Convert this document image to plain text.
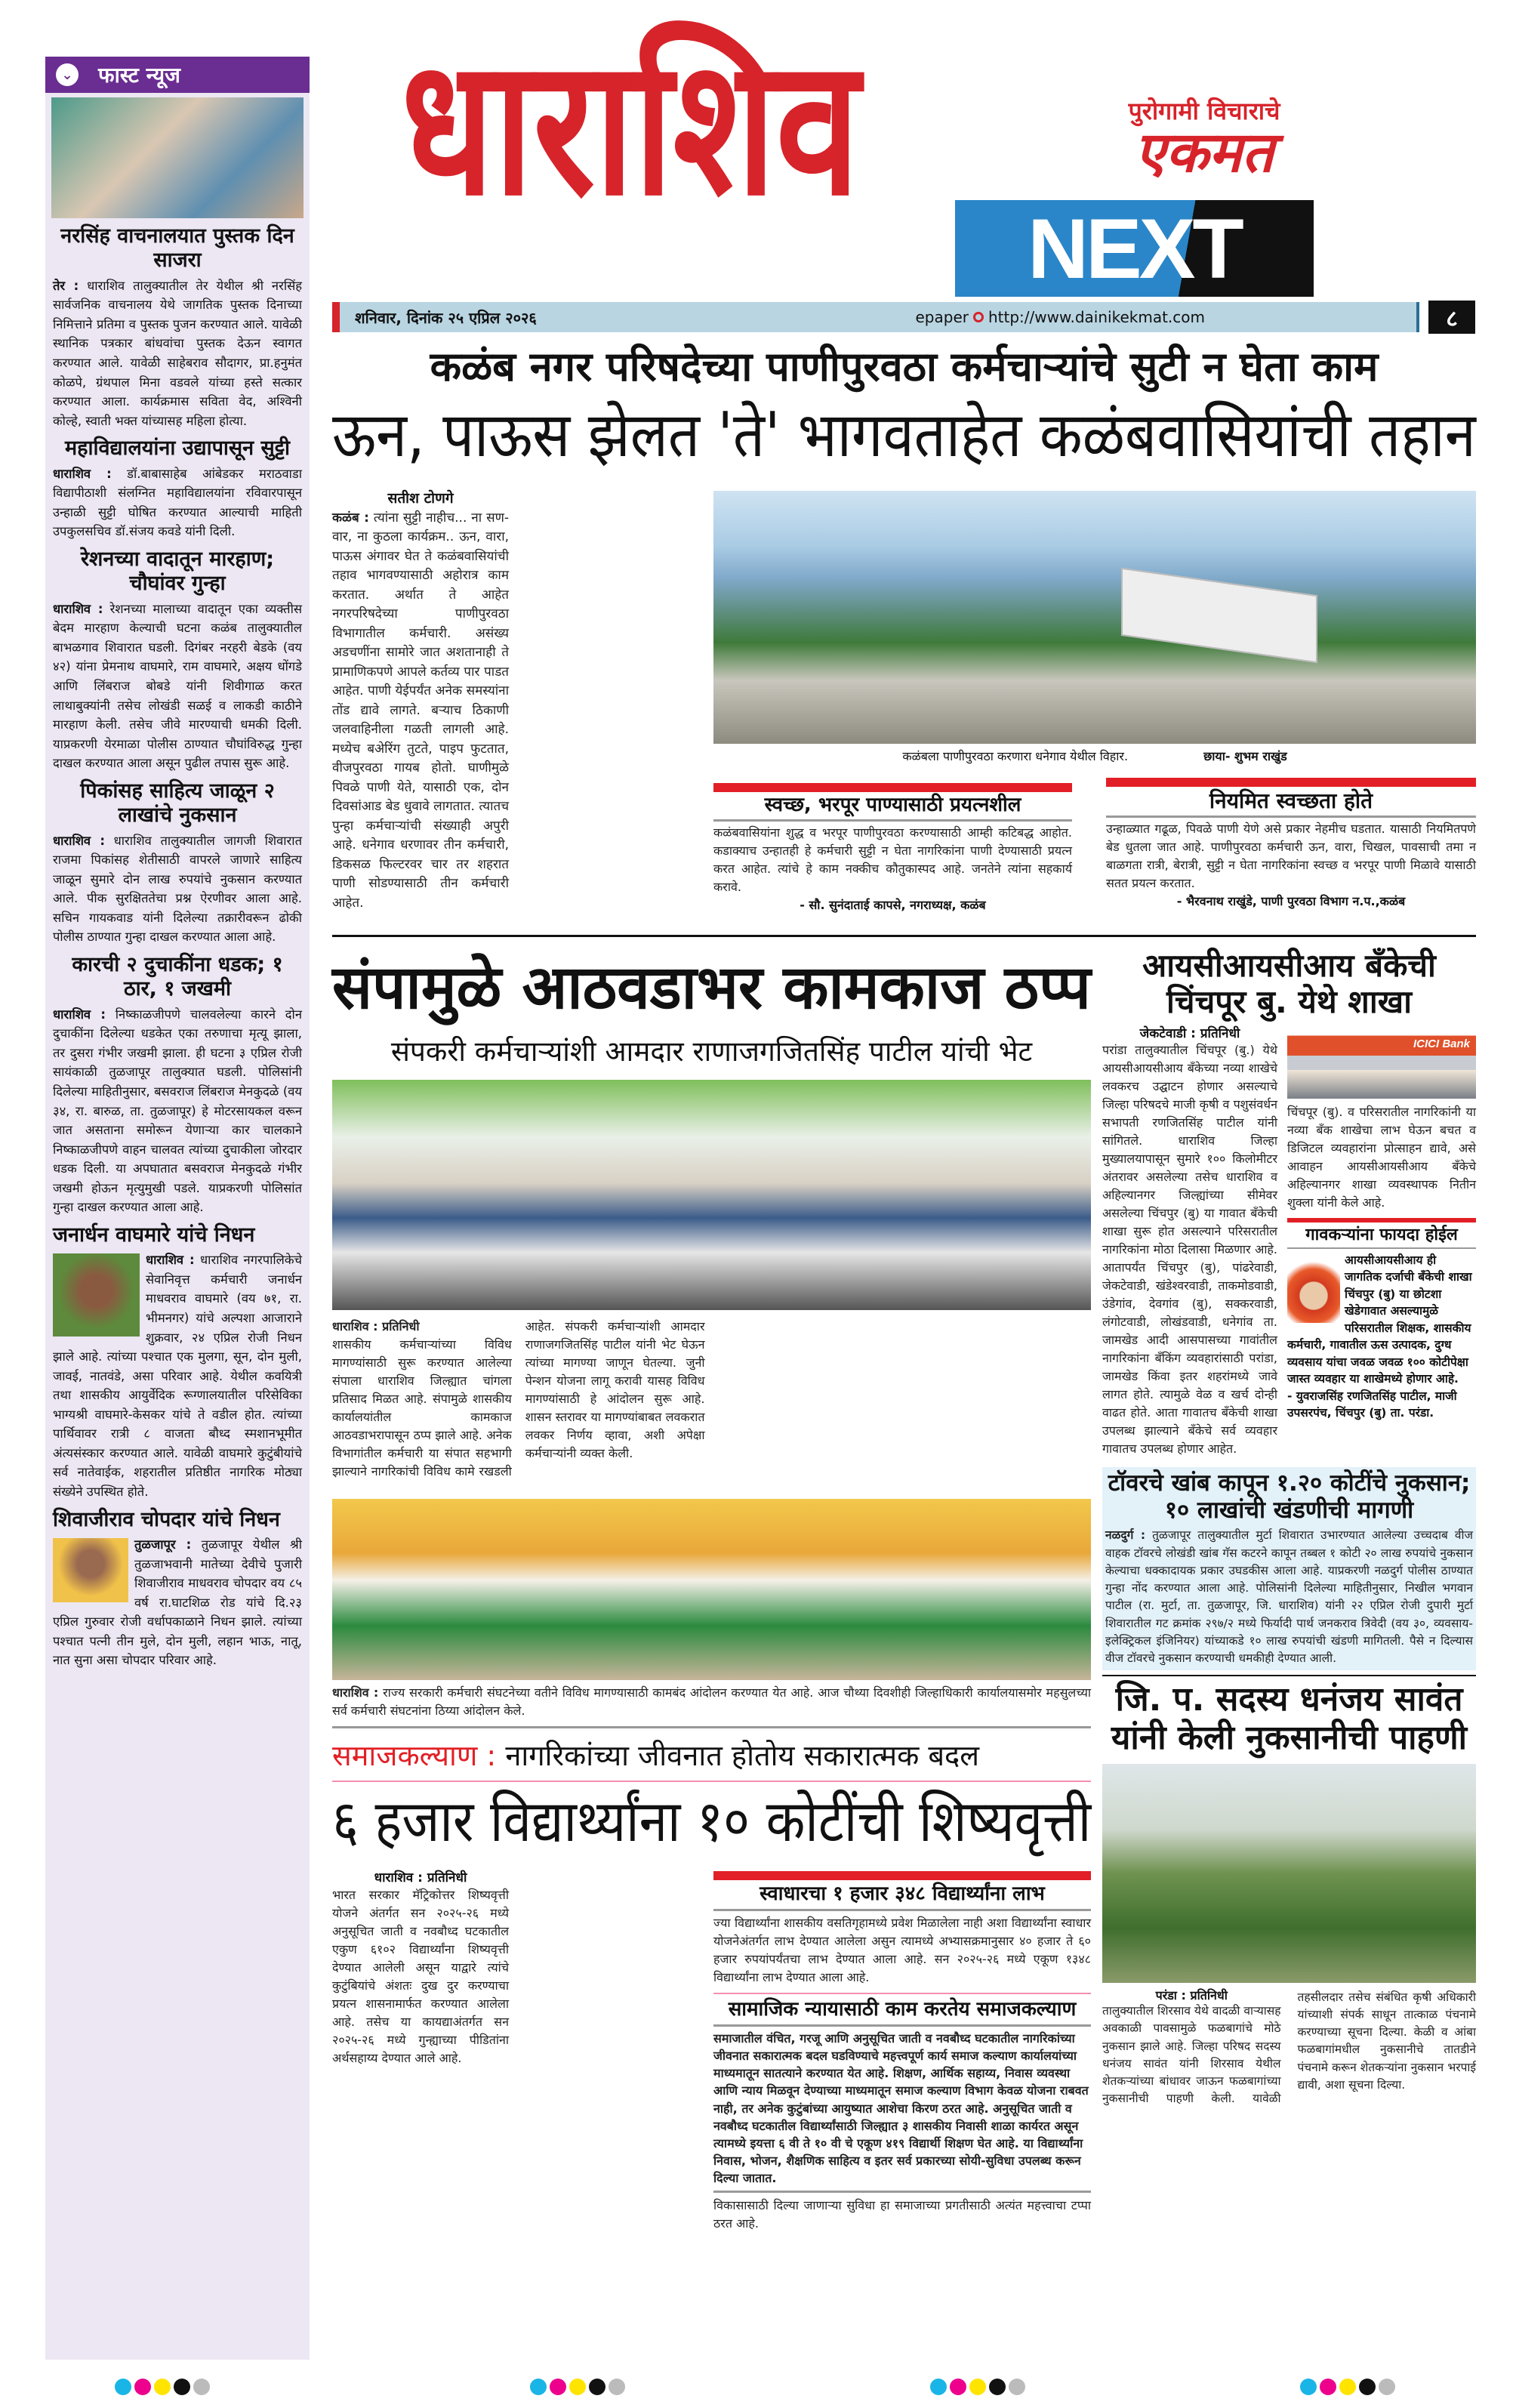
⌄ फास्ट न्यूज
नरसिंह वाचनालयात पुस्तक दिन साजरा

तेर : धाराशिव तालुक्यातील तेर येथील श्री नरसिंह सार्वजनिक वाचनालय येथे जागतिक पुस्तक दिनाच्या निमित्ताने प्रतिमा व पुस्तक पुजन करण्यात आले. यावेळी स्थानिक पत्रकार बांधवांचा पुस्तक देऊन स्वागत करण्यात आले. यावेळी साहेबराव सौदागर, प्रा.हनुमंत कोळपे, ग्रंथपाल मिना वडवले यांच्या हस्ते सत्कार करण्यात आला. कार्यक्रमास सविता वेद, अश्विनी कोल्हे, स्वाती भक्त यांच्यासह महिला होत्या.

महाविद्यालयांना उद्यापासून सुट्टी

धाराशिव : डॉ.बाबासाहेब आंबेडकर मराठवाडा विद्यापीठाशी संलग्नित महाविद्यालयांना रविवारपासून उन्हाळी सुट्टी घोषित करण्यात आल्याची माहिती उपकुलसचिव डॉ.संजय कवडे यांनी दिली.

रेशनच्या वादातून मारहाण; चौघांवर गुन्हा

धाराशिव : रेशनच्या मालाच्या वादातून एका व्यक्तीस बेदम मारहाण केल्याची घटना कळंब तालुक्यातील बाभळगाव शिवारात घडली. दिगंबर नरहरी बेडके (वय ४२) यांना प्रेमनाथ वाघमारे, राम वाघमारे, अक्षय धोंगडे आणि लिंबराज बोबडे यांनी शिवीगाळ करत लाथाबुक्यांनी तसेच लोखंडी सळई व लाकडी काठीने मारहाण केली. तसेच जीवे मारण्याची धमकी दिली. याप्रकरणी येरमाळा पोलीस ठाण्यात चौघांविरुद्ध गुन्हा दाखल करण्यात आला असून पुढील तपास सुरू आहे.

पिकांसह साहित्य जाळून २ लाखांचे नुकसान

धाराशिव : धाराशिव तालुक्यातील जागजी शिवारात राजमा पिकांसह शेतीसाठी वापरले जाणारे साहित्य जाळून सुमारे दोन लाख रुपयांचे नुकसान करण्यात आले. पीक सुरक्षिततेचा प्रश्न ऐरणीवर आला आहे. सचिन गायकवाड यांनी दिलेल्या तक्रारीवरून ढोकी पोलीस ठाण्यात गुन्हा दाखल करण्यात आला आहे.

कारची २ दुचाकींना धडक; १ ठार, १ जखमी

धाराशिव : निष्काळजीपणे चालवलेल्या कारने दोन दुचाकींना दिलेल्या धडकेत एका तरुणाचा मृत्यू झाला, तर दुसरा गंभीर जखमी झाला. ही घटना ३ एप्रिल रोजी सायंकाळी तुळजापूर तालुक्यात घडली. पोलिसांनी दिलेल्या माहितीनुसार, बसवराज लिंबराज मेनकुदळे (वय ३४, रा. बारुळ, ता. तुळजापूर) हे मोटरसायकल वरून जात असताना समोरून येणाऱ्या कार चालकाने निष्काळजीपणे वाहन चालवत त्यांच्या दुचाकीला जोरदार धडक दिली. या अपघातात बसवराज मेनकुदळे गंभीर जखमी होऊन मृत्युमुखी पडले. याप्रकरणी पोलिसांत गुन्हा दाखल करण्यात आला आहे.

जनार्धन वाघमारे यांचे निधन

धाराशिव : धाराशिव नगरपालिकेचे सेवानिवृत्त कर्मचारी जनार्धन माधवराव वाघमारे (वय ७१, रा. भीमनगर) यांचे अल्पशा आजाराने शुक्रवार, २४ एप्रिल रोजी निधन झाले आहे. त्यांच्या पश्चात एक मुलगा, सून, दोन मुली, जावई, नातवंडे, असा परिवार आहे. येथील कवयित्री तथा शासकीय आयुर्वेदिक रूग्णालयातील परिसेविका भाग्यश्री वाघमारे-केसकर यांचे ते वडील होत. त्यांच्या पार्थिवावर रात्री ८ वाजता बौध्द स्मशानभूमीत अंत्यसंस्कार करण्यात आले. यावेळी वाघमारे कुटुंबीयांचे सर्व नातेवाईक, शहरातील प्रतिष्ठीत नागरिक मोठ्या संख्येने उपस्थित होते.

शिवाजीराव चोपदार यांचे निधन

तुळजापूर : तुळजापूर येथील श्री तुळजाभवानी मातेच्या देवीचे पुजारी शिवाजीराव माधवराव चोपदार वय ८५ वर्ष रा.घाटशिळ रोड यांचे दि.२३ एप्रिल गुरुवार रोजी वर्धापकाळाने निधन झाले. त्यांच्या पश्चात पत्नी तीन मुले, दोन मुली, लहान भाऊ, नातू, नात सुना असा चोपदार परिवार आहे.

धाराशिव	पुरोगामी विचाराचे
एकमत
NEXT
शनिवार, दिनांक २५ एप्रिल २०२६	epaper http://www.dainikekmat.com	८
कळंब नगर परिषदेच्या पाणीपुरवठा कर्मचाऱ्यांचे सुटी न घेता काम
ऊन, पाऊस झेलत 'ते' भागवताहेत कळंबवासियांची तहान
सतीश टोणगे
कळंब : त्यांना सुट्टी नाहीच... ना सण-वार, ना कुठला कार्यक्रम.. ऊन, वारा, पाऊस अंगावर घेत ते कळंबवासियांची तहाव भागवण्यासाठी अहोरात्र काम करतात. अर्थात ते आहेत नगरपरिषदेच्या पाणीपुरवठा विभागातील कर्मचारी. असंख्य अडचणींना सामोरे जात अशतानाही ते प्रामाणिकपणे आपले कर्तव्य पार पाडत आहेत. पाणी येईपर्यंत अनेक समस्यांना तोंड द्यावे लागते. बऱ्याच ठिकाणी जलवाहिनीला गळती लागली आहे. मध्येच बअेरिंग तुटते, पाइप फुटतात, वीजपुरवठा गायब होतो. घाणीमुळे पिवळे पाणी येते, यासाठी एक, दोन दिवसांआड बेड धुवावे लागतात. त्यातच पुन्हा कर्मचाऱ्यांची संख्याही अपुरी आहे. धनेगाव धरणावर तीन कर्मचारी, डिकसळ फिल्टरवर चार तर शहरात पाणी सोडण्यासाठी तीन कर्मचारी आहेत.
कळंबला पाणीपुरवठा करणारा धनेगाव येथील विहार.	छाया- शुभम राखुंड
स्वच्छ, भरपूर पाण्यासाठी प्रयत्नशील
कळंबवासियांना शुद्ध व भरपूर पाणीपुरवठा करण्यासाठी आम्ही कटिबद्ध आहोत. कडाक्याच उन्हातही हे कर्मचारी सुट्टी न घेता नागरिकांना पाणी देण्यासाठी प्रयत्न करत आहेत. त्यांचे हे काम नक्कीच कौतुकास्पद आहे. जनतेने त्यांना सहकार्य करावे.
- सौ. सुनंदाताई कापसे, नगराध्यक्ष, कळंब
नियमित स्वच्छता होते
उन्हाळ्यात गढूळ, पिवळे पाणी येणे असे प्रकार नेहमीच घडतात. यासाठी नियमितपणे बेड धुतला जात आहे. पाणीपुरवठा कर्मचारी ऊन, वारा, चिखल, पावसाची तमा न बाळगता रात्री, बेरात्री, सुट्टी न घेता नागरिकांना स्वच्छ व भरपूर पाणी मिळावे यासाठी सतत प्रयत्न करतात.
- भैरवनाथ राखुंडे, पाणी पुरवठा विभाग न.प.,कळंब
संपामुळे आठवडाभर कामकाज ठप्प
संपकरी कर्मचाऱ्यांशी आमदार राणाजगजितसिंह पाटील यांची भेट
धाराशिव : प्रतिनिधी
शासकीय कर्मचाऱ्यांच्या विविध मागण्यांसाठी सुरू करण्यात आलेल्या संपाला धाराशिव जिल्ह्यात चांगला प्रतिसाद मिळत आहे. संपामुळे शासकीय कार्यालयांतील कामकाज आठवडाभरापासून ठप्प झाले आहे. अनेक विभागांतील कर्मचारी या संपात सहभागी झाल्याने नागरिकांची विविध कामे रखडली आहेत. संपकरी कर्मचाऱ्यांशी आमदार राणाजगजितसिंह पाटील यांनी भेट घेऊन त्यांच्या मागण्या जाणून घेतल्या. जुनी पेन्शन योजना लागू करावी यासह विविध मागण्यांसाठी हे आंदोलन सुरू आहे. शासन स्तरावर या मागण्यांबाबत लवकरात लवकर निर्णय व्हावा, अशी अपेक्षा कर्मचाऱ्यांनी व्यक्त केली.
धाराशिव : राज्य सरकारी कर्मचारी संघटनेच्या वतीने विविध मागण्यासाठी कामबंद आंदोलन करण्यात येत आहे. आज चौथ्या दिवशीही जिल्हाधिकारी कार्यालयासमोर महसुलच्या सर्व कर्मचारी संघटनांना ठिय्या आंदोलन केले.
समाजकल्याण : नागरिकांच्या जीवनात होतोय सकारात्मक बदल
६ हजार विद्यार्थ्यांना १० कोटींची शिष्यवृत्ती
धाराशिव : प्रतिनिधी
भारत सरकार मॅट्रिकोत्तर शिष्यवृत्ती योजने अंतर्गत सन २०२५-२६ मध्ये अनुसूचित जाती व नवबौध्द घटकातील एकुण ६१०२ विद्यार्थ्यांना शिष्यवृत्ती देण्यात आलेली असून याद्वारे त्यांचे कुटुंबियांचे अंशतः दुख दुर करण्याचा प्रयत्न शासनामार्फत करण्यात आलेला आहे. तसेच या कायद्याअंतर्गत सन २०२५-२६ मध्ये गुन्ह्याच्या पीडितांना अर्थसहाय्य देण्यात आले आहे.
स्वाधारचा १ हजार ३४८ विद्यार्थ्यांना लाभ
ज्या विद्यार्थ्यांना शासकीय वसतिगृहामध्ये प्रवेश मिळालेला नाही अशा विद्यार्थ्यांना स्वाधार योजनेअंतर्गत लाभ देण्यात आलेला असुन त्यामध्ये अभ्यासक्रमानुसार ४० हजार ते ६० हजार रुपयांपर्यंतचा लाभ देण्यात आला आहे. सन २०२५-२६ मध्ये एकूण १३४८ विद्यार्थ्यांना लाभ देण्यात आला आहे.
सामाजिक न्यायासाठी काम करतेय समाजकल्याण
समाजातील वंचित, गरजू आणि अनुसूचित जाती व नवबौध्द घटकातील नागरिकांच्या जीवनात सकारात्मक बदल घडविण्याचे महत्त्वपूर्ण कार्य समाज कल्याण कार्यालयांच्या माध्यमातून सातत्याने करण्यात येत आहे. शिक्षण, आर्थिक सहाय्य, निवास व्यवस्था आणि न्याय मिळवून देण्याच्या माध्यमातून समाज कल्याण विभाग केवळ योजना राबवत नाही, तर अनेक कुटुंबांच्या आयुष्यात आशेचा किरण ठरत आहे. अनुसूचित जाती व नवबौध्द घटकातील विद्यार्थ्यांसाठी जिल्ह्यात ३ शासकीय निवासी शाळा कार्यरत असून त्यामध्ये इयत्ता ६ वी ते १० वी चे एकूण ४१९ विद्यार्थी शिक्षण घेत आहे. या विद्यार्थ्यांना निवास, भोजन, शैक्षणिक साहित्य व इतर सर्व प्रकारच्या सोयी-सुविधा उपलब्ध करून दिल्या जातात.
विकासासाठी दिल्या जाणाऱ्या सुविधा हा समाजाच्या प्रगतीसाठी अत्यंत महत्त्वाचा टप्पा ठरत आहे.
आयसीआयसीआय बँकेची चिंचपूर बु. येथे शाखा
जेकटेवाडी : प्रतिनिधी
परांडा तालुक्यातील चिंचपूर (बु.) येथे आयसीआयसीआय बँकेच्या नव्या शाखेचे लवकरच उद्घाटन होणार असल्याचे जिल्हा परिषदचे माजी कृषी व पशुसंवर्धन सभापती रणजितसिंह पाटील यांनी सांगितले. धाराशिव जिल्हा मुख्यालयापासून सुमारे १०० किलोमीटर अंतरावर असलेल्या तसेच धाराशिव व अहिल्यानगर जिल्ह्यांच्या सीमेवर असलेल्या चिंचपुर (बु) या गावात बँकेची शाखा सुरू होत असल्याने परिसरातील नागरिकांना मोठा दिलासा मिळणार आहे. आतापर्यंत चिंचपुर (बु), पांढरेवाडी, जेकटेवाडी, खंडेश्वरवाडी, ताकमोडवाडी, उंडेगांव, देवगांव (बु), सक्करवाडी, लंगोटवाडी, लोखंडवाडी, धनेगांव ता. जामखेड आदी आसपासच्या गावांतील नागरिकांना बँकिंग व्यवहारांसाठी परांडा, जामखेड किंवा इतर शहरांमध्ये जावे लागत होते. त्यामुळे वेळ व खर्च दोन्ही वाढत होते. आता गावातच बँकेची शाखा उपलब्ध झाल्याने बँकेचे सर्व व्यवहार गावातच उपलब्ध होणार आहेत.
ICICI Bank
चिंचपूर (बु). व परिसरातील नागरिकांनी या नव्या बँक शाखेचा लाभ घेऊन बचत व डिजिटल व्यवहारांना प्रोत्साहन द्यावे, असे आवाहन आयसीआयसीआय बँकेचे अहिल्यानगर शाखा व्यवस्थापक नितीन शुक्ला यांनी केले आहे.
गावकऱ्यांना फायदा होईल
आयसीआयसीआय ही जागतिक दर्जाची बँकेची शाखा चिंचपुर (बु) या छोटशा खेडेगावात असल्यामुळे परिसरातील शिक्षक, शासकीय कर्मचारी, गावातील ऊस उत्पादक, दुग्ध व्यवसाय यांचा जवळ जवळ १०० कोटीपेक्षा जास्त व्यवहार या शाखेमध्ये होणार आहे.
- युवराजसिंह रणजितसिंह पाटील, माजी उपसरपंच, चिंचपुर (बु) ता. परंडा.
टॉवरचे खांब कापून १.२० कोटींचे नुकसान; १० लाखांची खंडणीची मागणी
नळदुर्ग : तुळजापूर तालुक्यातील मुर्टा शिवारात उभारण्यात आलेल्या उच्चदाब वीज वाहक टॉवरचे लोखंडी खांब गॅस कटरने कापून तब्बल १ कोटी २० लाख रुपयांचे नुकसान केल्याचा धक्कादायक प्रकार उघडकीस आला आहे. याप्रकरणी नळदुर्ग पोलीस ठाण्यात गुन्हा नोंद करण्यात आला आहे. पोलिसांनी दिलेल्या माहितीनुसार, निखील भगवान पाटील (रा. मुर्टा, ता. तुळजापूर, जि. धाराशिव) यांनी २२ एप्रिल रोजी दुपारी मुर्टा शिवारातील गट क्रमांक २९७/२ मध्ये फिर्यादी पार्थ जनकराव त्रिवेदी (वय ३०, व्यवसाय-इलेक्ट्रिकल इंजिनियर) यांच्याकडे १० लाख रुपयांची खंडणी मागितली. पैसे न दिल्यास वीज टॉवरचे नुकसान करण्याची धमकीही देण्यात आली.
जि. प. सदस्य धनंजय सावंत यांनी केली नुकसानीची पाहणी
परंडा : प्रतिनिधी
तालुक्यातील शिरसाव येथे वादळी वाऱ्यासह अवकाळी पावसामुळे फळबागांचे मोठे नुकसान झाले आहे. जिल्हा परिषद सदस्य धनंजय सावंत यांनी शिरसाव येथील शेतकऱ्यांच्या बांधावर जाऊन फळबागांच्या नुकसानीची पाहणी केली. यावेळी तहसीलदार तसेच संबंधित कृषी अधिकारी यांच्याशी संपर्क साधून तात्काळ पंचनामे करण्याच्या सूचना दिल्या. केळी व आंबा फळबागांमधील नुकसानीचे तातडीने पंचनामे करून शेतकऱ्यांना नुकसान भरपाई द्यावी, अशा सूचना दिल्या.
